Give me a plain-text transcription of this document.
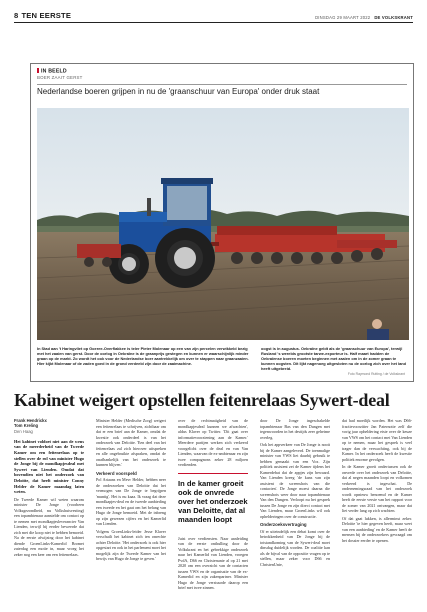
8 TEN EERSTE	DINSDAG 29 MAART 2022 DE VOLKSKRANT
IN BEELD
BOER ZAAIT GERST
Nederlandse boeren grijpen in nu de 'graanschuur van Europa' onder druk staat
In Stad aan 't Haringvliet op Goeree-Overflakkee is teler Pieter Molenaar op een van zijn percelen verwikkeld bezig met het zaaien van gerst. Door de oorlog in Oekraïne is de graanprijs gestegen en kunnen er waarschijnlijk minder graan op de markt. Zo wordt het ook voor de Nederlandse boer aantrekkelijk om over te stappen naar graanzaaien. Hier kijkt Molenaar of de zaden goed in de grond verdeeld zijn door de zaaimachine.
oogst is in augustus. Oekraïne geldt als de 'graanschuur van Europa', terwijl Rusland 's werelds grootste tarwe-exporteur is. Half maart hadden de Oekraïense boeren moeten beginnen met zaaien om in de zomer graan te kunnen oogsten. Dit lijkt nagenoeg uitgesloten nu de oorlog zich over het land heeft uitgebreid.
Foto Raymond Rutting / de Volkskrant
Kabinet weigert opstellen feitenrelaas Sywert-deal
Frank Hendrickx
Tom Kreling
Den Haag

Het kabinet voldoet niet aan de wens van de meerderheid van de Tweede Kamer om een feitenrelaas op te stellen over de rol van minister Hugo de Jonge bij de mondkapjesdeal met Sywert van Lienden. Omdat dat bovendien niet het onderzoek van Deloitte, dat heeft minister Conny Helder de Kamer maandag laten weten.

De Tweede Kamer wil weten waarom minister De Jonge (voorheen Volksgezondheid, nu Volkshuisvesting) een topambtenaar aanstelde om contact op te nemen met mondkapjesleverancier Van Lienden, terwijl hij eerder beweerde dat zich met die koop niet te hebben bemoeid. Na de eerste afwijzing door het kabinet diende GroenLinks-Kamerlid Bromet zaterdag een motie in, maar vroeg het zeker nog een keer om een feitenrelaas.

Minister Helder (Medische Zorg) weigert een feitenrelaas te schrijven, zichtbaar om dat er een brief aan de Kamer, omdat de kwestie ook onderdeel is van het onderzoek van Deloitte. 'Een deel van het feitenrelaas zal zich hierover uitspreken en alle ongebruikte afspraken, omdat de onafhankelijk van het onderzoek te kunnen blijven.'

Verkeerd voorspeld

Pol Ariaans en Mevr Helder, hebben neer de onderzoeken van Deloitte dat het vermogen van De Jonge te begrijpen 'muntig'. Het is nu kaaa. Ik vraag dat deze mondkapjes-deal en de tweede aanbieding een tweede en het gaat om het belang van Hugo de Jonge bemoeid. Met de inbreng op zijn gewezen cijfers en het Kamerlid van Lienden.

Volgens GroenLinks-leider Jesse Klaver verschuilt het kabinet zich ten onrechte achter Deloitte. 'Het onderzoek is ook hier opgestart en ook in het parlement moet het mogelijk zijn de Tweede Kamer van het bewijs van Hugo de Jonge te geven.'

over de rechtmatigheid van de mondkapjesdeal kunnen we afwachten', aldus Klaver op Twitter. 'Dit gaat over informatievoorziening aan de Kamer.' Meerdere partijen werken zich verkeerd voorgelicht over de deal en van Van Lienden, waarvan de ex-ambtenaar en zijn twee compagnons zeker 28 miljoen verdienden.

In de kamer groeit ook de onvrede over het onderzoek van Deloitte, dat al maanden loopt

Juist over verdiensten. Naar aanleiding van de eerste onthulling door de Volkskrant en het gebrekkige onderzoek naar het Kamerlid van Lienden, vroegen PvdA, D66 en Christenunie al op 21 mei 2020 om een overzicht van de contacten tussen VWS en de organisatie van de ex-Kamerlid en zijn zakenpartner. Minister Hugo de Jonge verstuurde daarop een brief met twee zinnen.

door De Jonge ingeschakelde topambtenaar Bas van den Dungen met tegenwoorden in het destijds zeer geheime overleg.

Ook het appverkeer van De Jonge is nooit bij de Kamer aangeleverd. De toenmalige minister van VWS liet daarbij gebruik te hebben gemaakt van een Vox. Zijn politiek assistent zei de Kamer tijdens het Kamerdebat dat de appjes zijn bewaard. Van Lienden kreeg 'de kans van zijn assistent de screenshots van die contacten'. De Jonge moest daarna die screenshots weer door naar topambtenaar Van den Dungen. Verloopt nu het gesprek tussen De Jonge en zijn direct contact met Van Lienden, maar GroenLinks wil ook ophelderingen over de constructie.

Onderzoeksvertraging

Of er uiteindelijk een debat komt over de betrokkenheid van De Jonge bij de totstandkoming van de Sywert-deal moet dinsdag duidelijk worden. De coalitie kan als de bijval van de oppositie vragen op te stellen, maar zeker voor D66 en ChristenUnie,

dat had moeilijk worden. Het was D66-fractievoorzitter Jan Paternotte zelf die vorig jaar opheldering eiste over de keuze van VWS om het contact met Van Lienden op te nemen, maar het gesprek is veel trager dan de verwachting, ook bij de Kamer. In het onderzoek heeft de kwestie politiek enorme gevolgen.

In de Kamer groeit ondertussen ook de onvrede over het onderzoek van Deloitte, dat al negen maanden loopt en volkomen verkeerd is ingeschat. De ondernemingsraad van het onderzoek wordt opnieuw benoemd en de Kamer heeft de eerste versie van het rapport voor de zomer van 2021 ontvangen, maar dat liet verder lang op zich wachten.

Of dat gaat lukken, is allerminst zeker. Deloitte 'te hier gegeven heeft, maar weet van een aanbieding' en de Kamer heeft de mensen bij de onderzoekers gevraagd om het dossier eerder te openen.
